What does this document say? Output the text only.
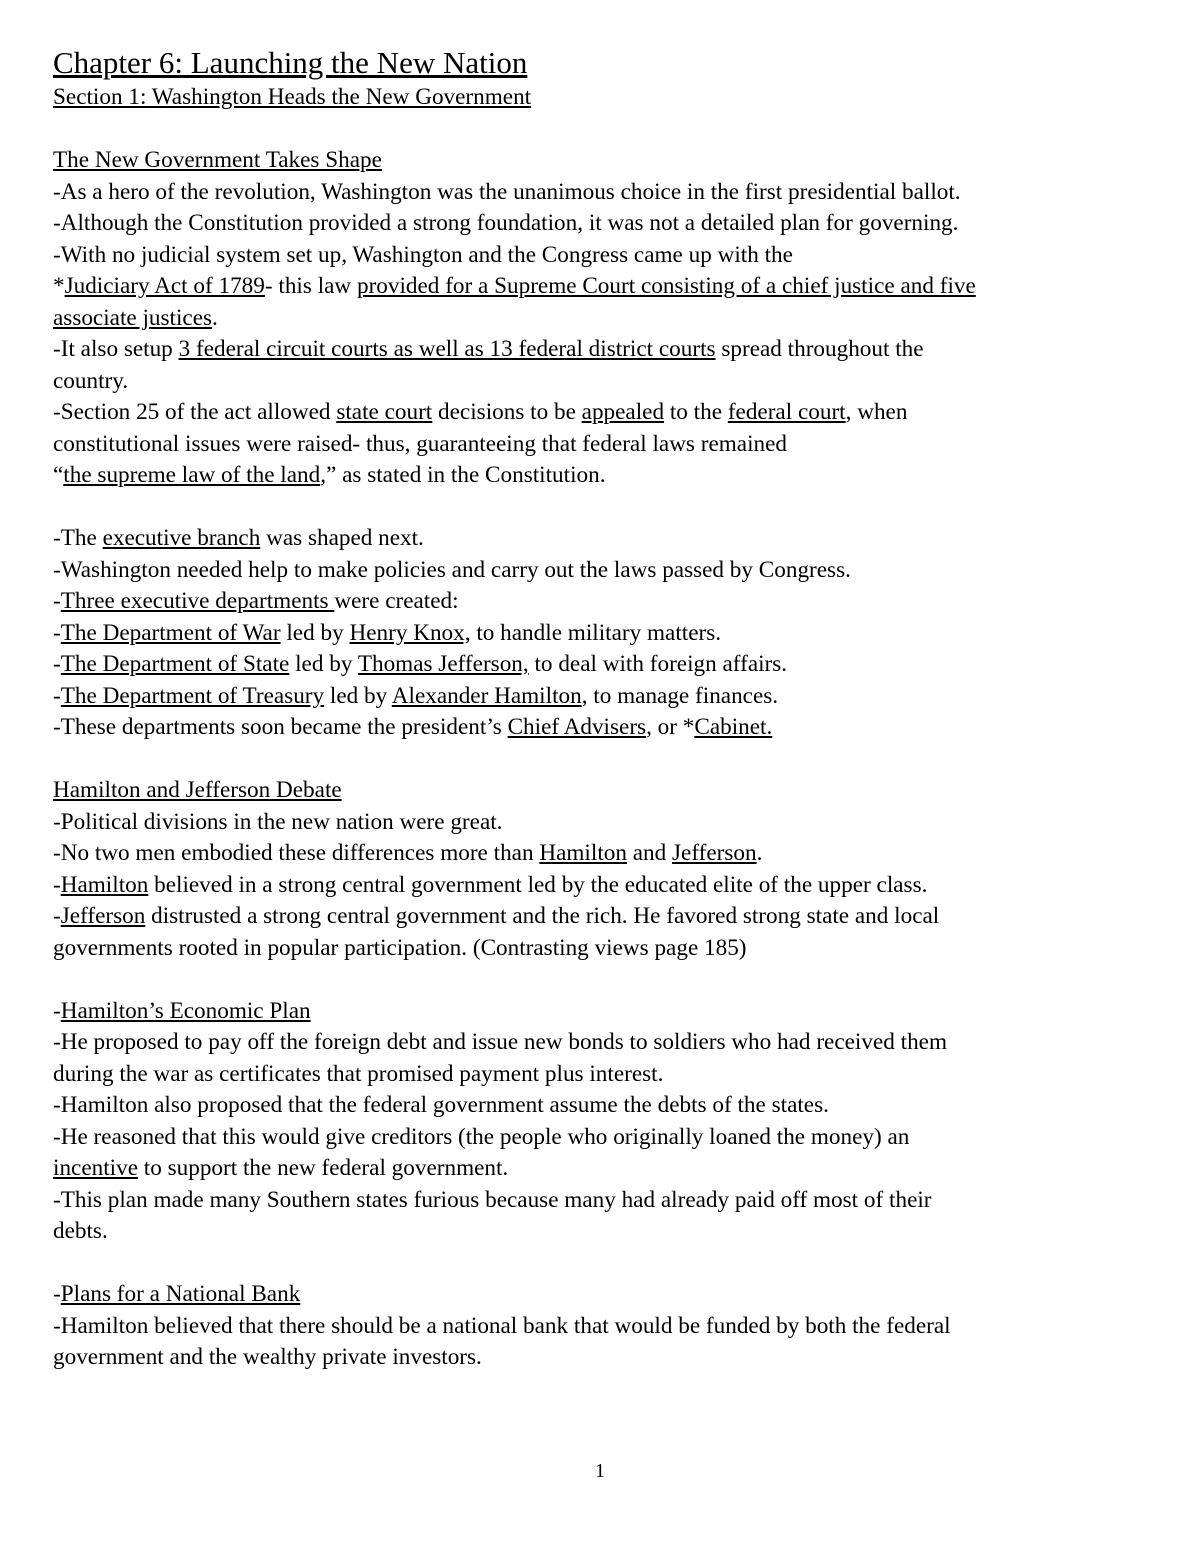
Chapter 6: Launching the New Nation
Section 1: Washington Heads the New Government
The New Government Takes Shape
-As a hero of the revolution, Washington was the unanimous choice in the first presidential ballot.
-Although the Constitution provided a strong foundation, it was not a detailed plan for governing.
-With no judicial system set up, Washington and the Congress came up with the
*Judiciary Act of 1789- this law provided for a Supreme Court consisting of a chief justice and five
associate justices.
-It also setup 3 federal circuit courts as well as 13 federal district courts spread throughout the
country.
-Section 25 of the act allowed state court decisions to be appealed to the federal court, when
constitutional issues were raised- thus, guaranteeing that federal laws remained
“the supreme law of the land,” as stated in the Constitution.
-The executive branch was shaped next.
-Washington needed help to make policies and carry out the laws passed by Congress.
-Three executive departments were created:
-The Department of War led by Henry Knox, to handle military matters.
-The Department of State led by Thomas Jefferson, to deal with foreign affairs.
-The Department of Treasury led by Alexander Hamilton, to manage finances.
-These departments soon became the president’s Chief Advisers, or *Cabinet.
Hamilton and Jefferson Debate
-Political divisions in the new nation were great.
-No two men embodied these differences more than Hamilton and Jefferson.
-Hamilton believed in a strong central government led by the educated elite of the upper class.
-Jefferson distrusted a strong central government and the rich. He favored strong state and local
governments rooted in popular participation. (Contrasting views page 185)
-Hamilton’s Economic Plan
-He proposed to pay off the foreign debt and issue new bonds to soldiers who had received them
during the war as certificates that promised payment plus interest.
-Hamilton also proposed that the federal government assume the debts of the states.
-He reasoned that this would give creditors (the people who originally loaned the money) an
incentive to support the new federal government.
-This plan made many Southern states furious because many had already paid off most of their
debts.
-Plans for a National Bank
-Hamilton believed that there should be a national bank that would be funded by both the federal
government and the wealthy private investors.
1
